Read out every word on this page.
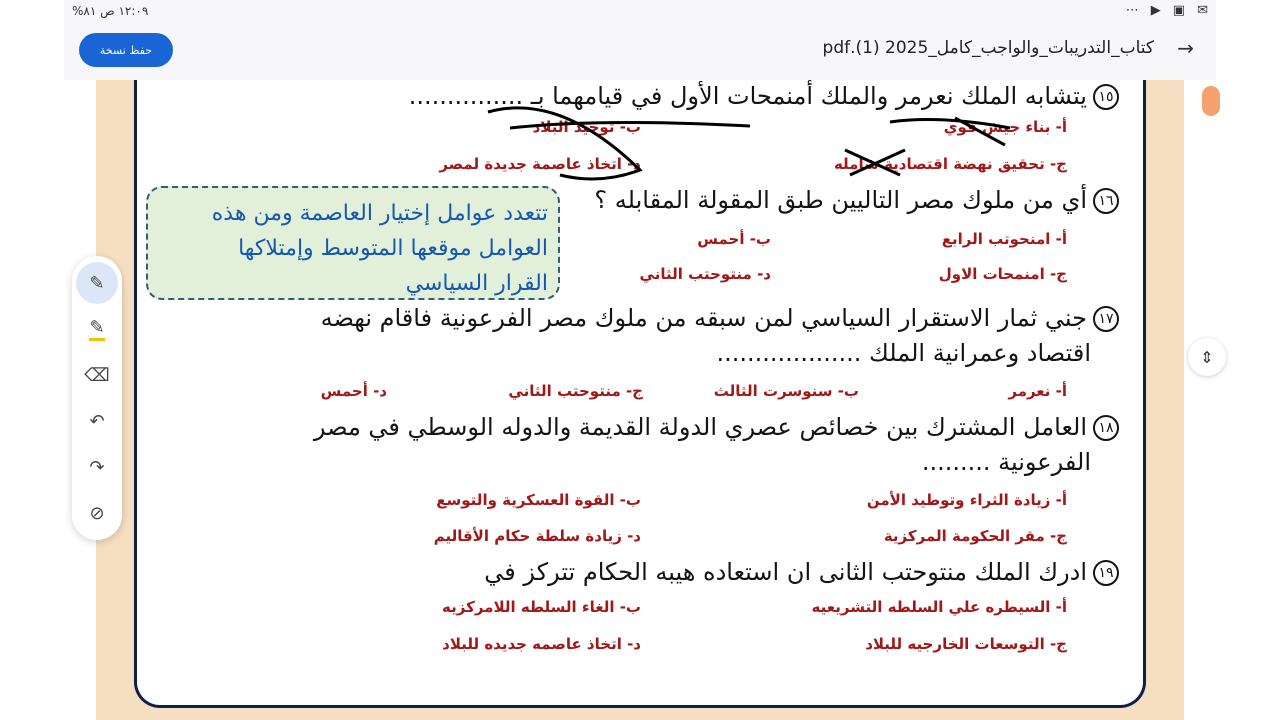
١٢:٠٩ ص ٨١%	⋯ ▶ ▣ ✉
حفظ نسخة	كتاب_التدريبات_والواجب_كامل_2025 (1).pdf →
١٥يتشابه الملك نعرمر والملك أمنمحات الأول في قيامهما بـ ...............
أ- بناء جيش قوي
ب- توحيد البلاد
ج- تحقيق نهضة اقتصادية شامله
د- اتخاذ عاصمة جديدة لمصر
١٦أي من ملوك مصر التاليين طبق المقولة المقابله ؟
أ- امنحوتب الرابع
ب- أحمس
ج- امنمحات الاول
د- منتوحتب الثاني
١٧جني ثمار الاستقرار السياسي لمن سبقه من ملوك مصر الفرعونية فاقام نهضه
اقتصاد وعمرانية الملك ...................
أ- نعرمر
ب- سنوسرت الثالث
ج- منتوحتب الثاني
د- أحمس
١٨العامل المشترك بين خصائص عصري الدولة القديمة والدوله الوسطي في مصر
الفرعونية .........
أ- زيادة الثراء وتوطيد الأمن
ب- القوة العسكرية والتوسع
ج- مقر الحكومة المركزية
د- زيادة سلطة حكام الأقاليم
١٩ادرك الملك منتوحتب الثانى ان استعاده هيبه الحكام تتركز في
أ- السيطره علي السلطه التشريعيه
ب- الغاء السلطه اللامركزيه
ج- التوسعات الخارجيه للبلاد
د- اتخاذ عاصمه جديده للبلاد
تتعدد عوامل إختيار العاصمة ومن هذه
العوامل موقعها المتوسط وإمتلاكها
القرار السياسي
✎
✎
⌫
↶
↷
⊘
⇕
